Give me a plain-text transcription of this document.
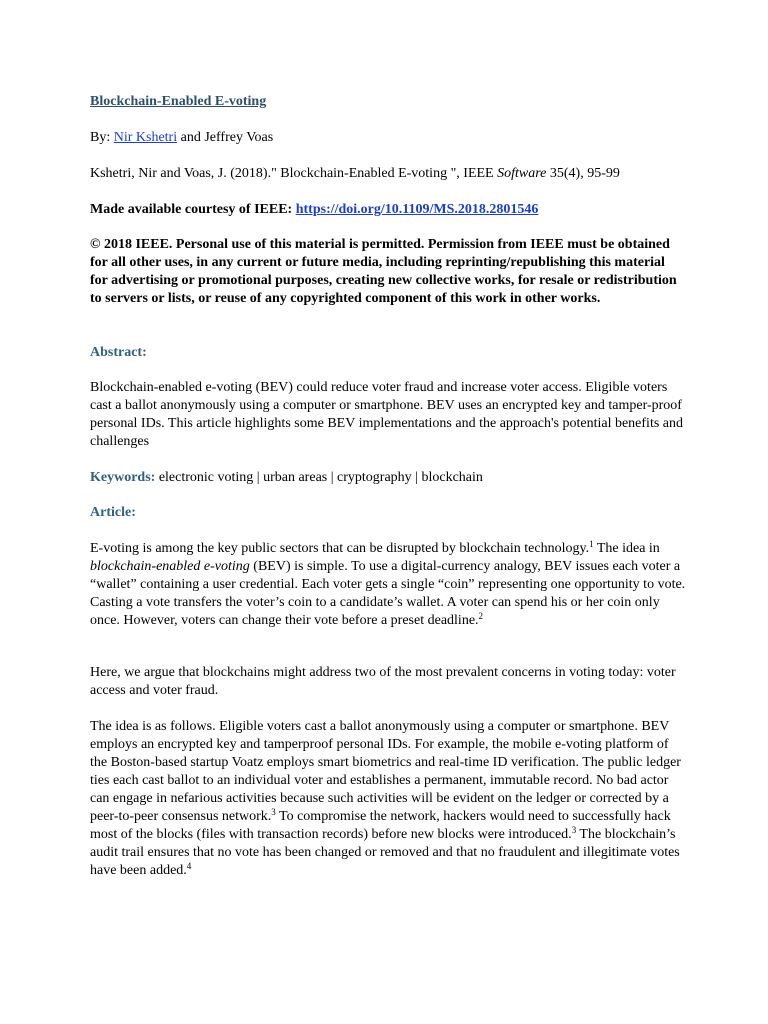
Blockchain-Enabled E-voting

By: Nir Kshetri and Jeffrey Voas

Kshetri, Nir and Voas, J. (2018)." Blockchain-Enabled E-voting ", IEEE Software 35(4), 95-99

Made available courtesy of IEEE: https://doi.org/10.1109/MS.2018.2801546

© 2018 IEEE. Personal use of this material is permitted. Permission from IEEE must be obtained for all other uses, in any current or future media, including reprinting/republishing this material for advertising or promotional purposes, creating new collective works, for resale or redistribution to servers or lists, or reuse of any copyrighted component of this work in other works.

Abstract:

Blockchain-enabled e-voting (BEV) could reduce voter fraud and increase voter access. Eligible voters cast a ballot anonymously using a computer or smartphone. BEV uses an encrypted key and tamper-proof personal IDs. This article highlights some BEV implementations and the approach's potential benefits and challenges

Keywords: electronic voting | urban areas | cryptography | blockchain

Article:

E-voting is among the key public sectors that can be disrupted by blockchain technology.$^1$ The idea in blockchain-enabled e-voting (BEV) is simple. To use a digital-currency analogy, BEV issues each voter a “wallet” containing a user credential. Each voter gets a single “coin” representing one opportunity to vote. Casting a vote transfers the voter’s coin to a candidate’s wallet. A voter can spend his or her coin only once. However, voters can change their vote before a preset deadline.$^2$

Here, we argue that blockchains might address two of the most prevalent concerns in voting today: voter access and voter fraud.

The idea is as follows. Eligible voters cast a ballot anonymously using a computer or smartphone. BEV employs an encrypted key and tamperproof personal IDs. For example, the mobile e-voting platform of the Boston-based startup Voatz employs smart biometrics and real-time ID verification. The public ledger ties each cast ballot to an individual voter and establishes a permanent, immutable record. No bad actor can engage in nefarious activities because such activities will be evident on the ledger or corrected by a peer-to-peer consensus network.$^3$ To compromise the network, hackers would need to successfully hack most of the blocks (files with transaction records) before new blocks were introduced.$^3$ The blockchain’s audit trail ensures that no vote has been changed or removed and that no fraudulent and illegitimate votes have been added.$^4$
